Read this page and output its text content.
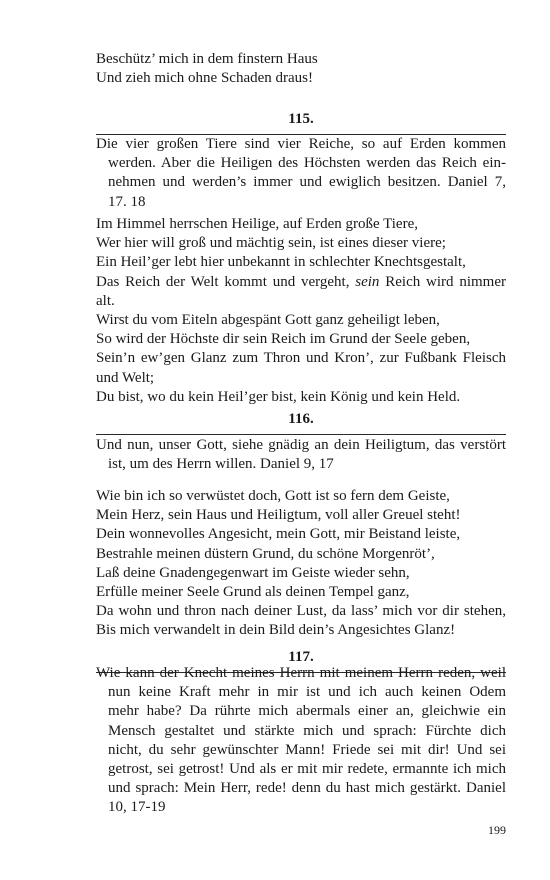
Beschütz’ mich in dem finstern Haus
Und zieh mich ohne Schaden draus!
115.
Die vier großen Tiere sind vier Reiche, so auf Erden kommen
werden. Aber die Heiligen des Höchsten werden das Reich ein-
nehmen und werden’s immer und ewiglich besitzen. Daniel 7,
17. 18
Im Himmel herrschen Heilige, auf Erden große Tiere,
Wer hier will groß und mächtig sein, ist eines dieser viere;
Ein Heil’ger lebt hier unbekannt in schlechter Knechtsgestalt,
Das Reich der Welt kommt und vergeht, sein Reich wird nimmer
alt.
Wirst du vom Eiteln abgespänt Gott ganz geheiligt leben,
So wird der Höchste dir sein Reich im Grund der Seele geben,
Sein’n ew’gen Glanz zum Thron und Kron’, zur Fußbank Fleisch
und Welt;
Du bist, wo du kein Heil’ger bist, kein König und kein Held.
116.
Und nun, unser Gott, siehe gnädig an dein Heiligtum, das verstört
ist, um des Herrn willen. Daniel 9, 17
Wie bin ich so verwüstet doch, Gott ist so fern dem Geiste,
Mein Herz, sein Haus und Heiligtum, voll aller Greuel steht!
Dein wonnevolles Angesicht, mein Gott, mir Beistand leiste,
Bestrahle meinen düstern Grund, du schöne Morgenröt’,
Laß deine Gnadengegenwart im Geiste wieder sehn,
Erfülle meiner Seele Grund als deinen Tempel ganz,
Da wohn und thron nach deiner Lust, da lass’ mich vor dir stehen,
Bis mich verwandelt in dein Bild dein’s Angesichtes Glanz!
117.
Wie kann der Knecht meines Herrn mit meinem Herrn reden, weil
nun keine Kraft mehr in mir ist und ich auch keinen Odem
mehr habe? Da rührte mich abermals einer an, gleichwie ein
Mensch gestaltet und stärkte mich und sprach: Fürchte dich
nicht, du sehr gewünschter Mann! Friede sei mit dir! Und sei
getrost, sei getrost! Und als er mit mir redete, ermannte ich mich
und sprach: Mein Herr, rede! denn du hast mich gestärkt. Daniel
10, 17-19
199
